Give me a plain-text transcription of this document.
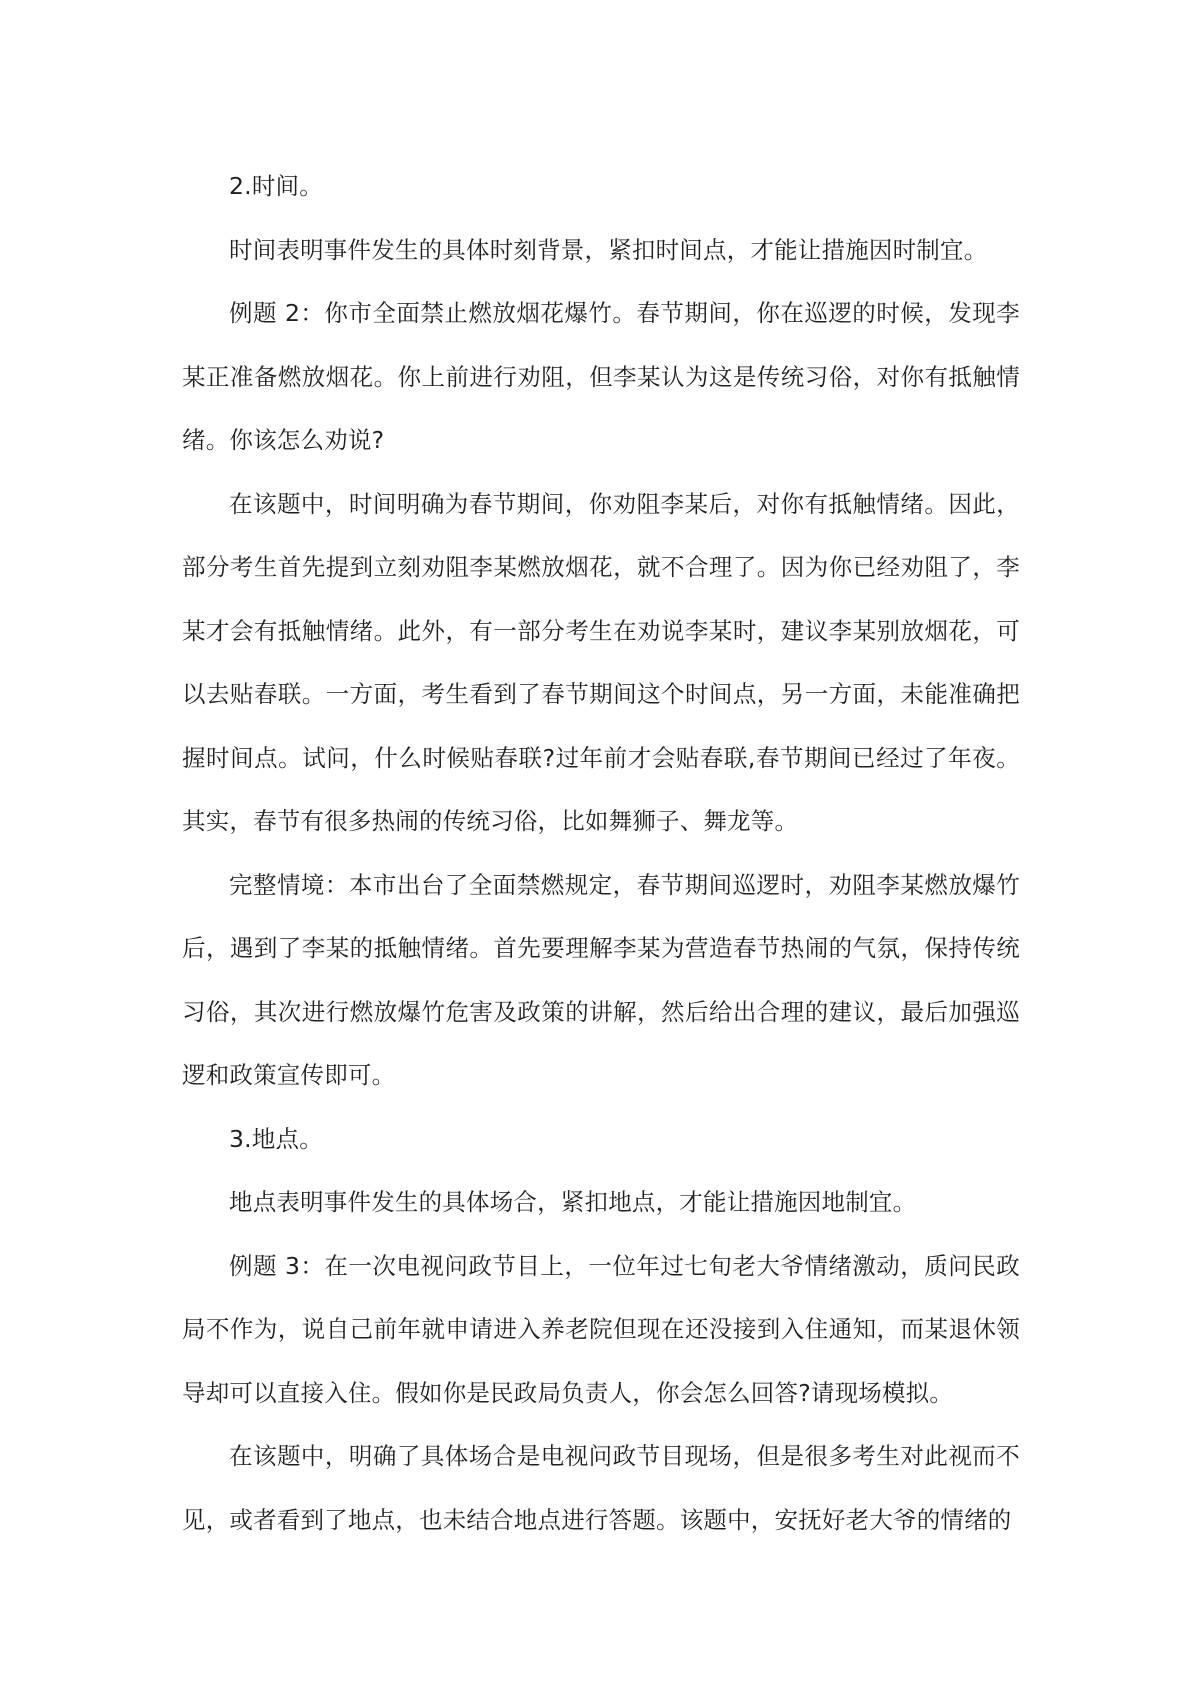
2.时间。

时间表明事件发生的具体时刻背景，紧扣时间点，才能让措施因时制宜。

例题 2：你市全面禁止燃放烟花爆竹。春节期间，你在巡逻的时候，发现李某正准备燃放烟花。你上前进行劝阻，但李某认为这是传统习俗，对你有抵触情绪。你该怎么劝说?

在该题中，时间明确为春节期间，你劝阻李某后，对你有抵触情绪。因此，部分考生首先提到立刻劝阻李某燃放烟花，就不合理了。因为你已经劝阻了，李某才会有抵触情绪。此外，有一部分考生在劝说李某时，建议李某别放烟花，可以去贴春联。一方面，考生看到了春节期间这个时间点，另一方面，未能准确把握时间点。试问，什么时候贴春联?过年前才会贴春联,春节期间已经过了年夜。其实，春节有很多热闹的传统习俗，比如舞狮子、舞龙等。

完整情境：本市出台了全面禁燃规定，春节期间巡逻时，劝阻李某燃放爆竹后，遇到了李某的抵触情绪。首先要理解李某为营造春节热闹的气氛，保持传统习俗，其次进行燃放爆竹危害及政策的讲解，然后给出合理的建议，最后加强巡逻和政策宣传即可。

3.地点。

地点表明事件发生的具体场合，紧扣地点，才能让措施因地制宜。

例题 3：在一次电视问政节目上，一位年过七旬老大爷情绪激动，质问民政局不作为，说自己前年就申请进入养老院但现在还没接到入住通知，而某退休领导却可以直接入住。假如你是民政局负责人，你会怎么回答?请现场模拟。

在该题中，明确了具体场合是电视问政节目现场，但是很多考生对此视而不见，或者看到了地点，也未结合地点进行答题。该题中，安抚好老大爷的情绪的
